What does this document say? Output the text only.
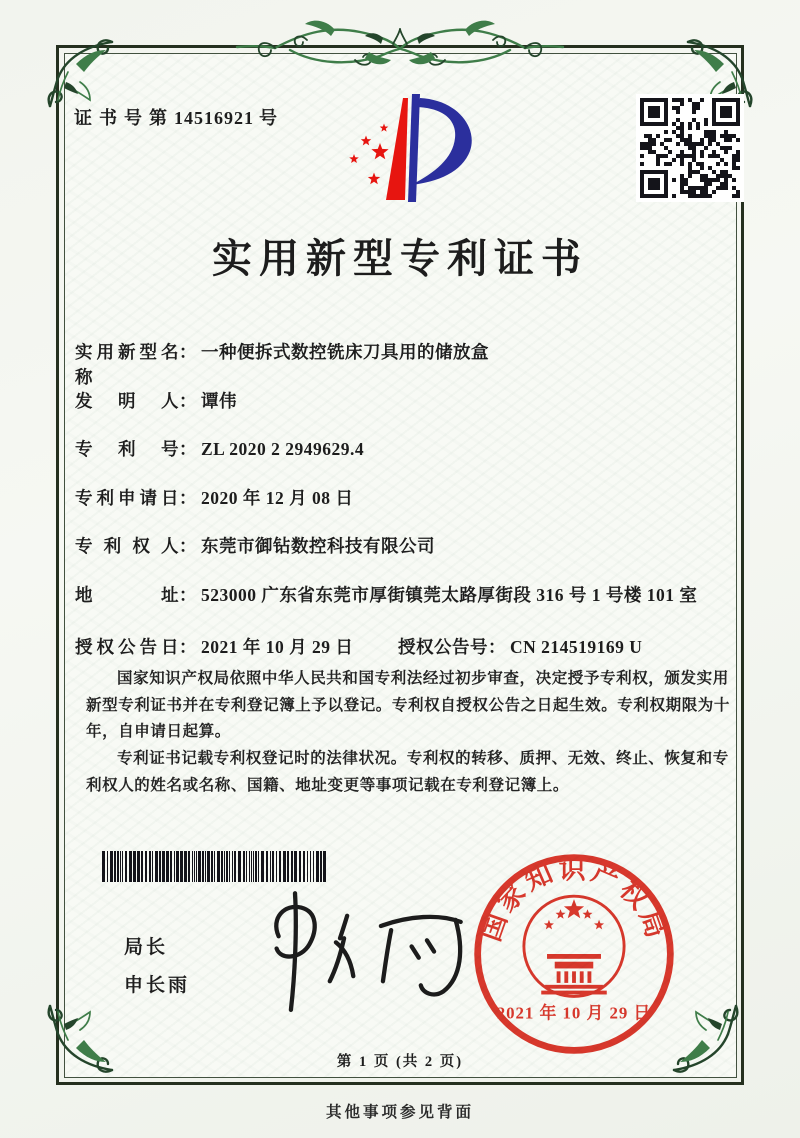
证书号第14516921 号
实用新型专利证书
实用新型名称
： 一种便拆式数控铣床刀具用的储放盒
发明人 ： 谭伟
专利号 ： ZL 2020 2 2949629.4
专利申请日 ： 2020 年 12 月 08 日
专利权人 ： 东莞市御钻数控科技有限公司
地址 ： 523000 广东省东莞市厚街镇莞太路厚街段 316 号 1 号楼 101 室
授权公告日 ： 2021 年 10 月 29 日	授权公告号 ： CN 214519169 U

国家知识产权局依照中华人民共和国专利法经过初步审查，决定授予专利权，颁发实用新型专利证书并在专利登记簿上予以登记。专利权自授权公告之日起生效。专利权期限为十年，自申请日起算。

专利证书记载专利权登记时的法律状况。专利权的转移、质押、无效、终止、恢复和专利权人的姓名或名称、国籍、地址变更等事项记载在专利登记簿上。

局长
申长雨
国家知识产权局
2021 年 10 月 29 日
第 1 页 (共 2 页)
其他事项参见背面
